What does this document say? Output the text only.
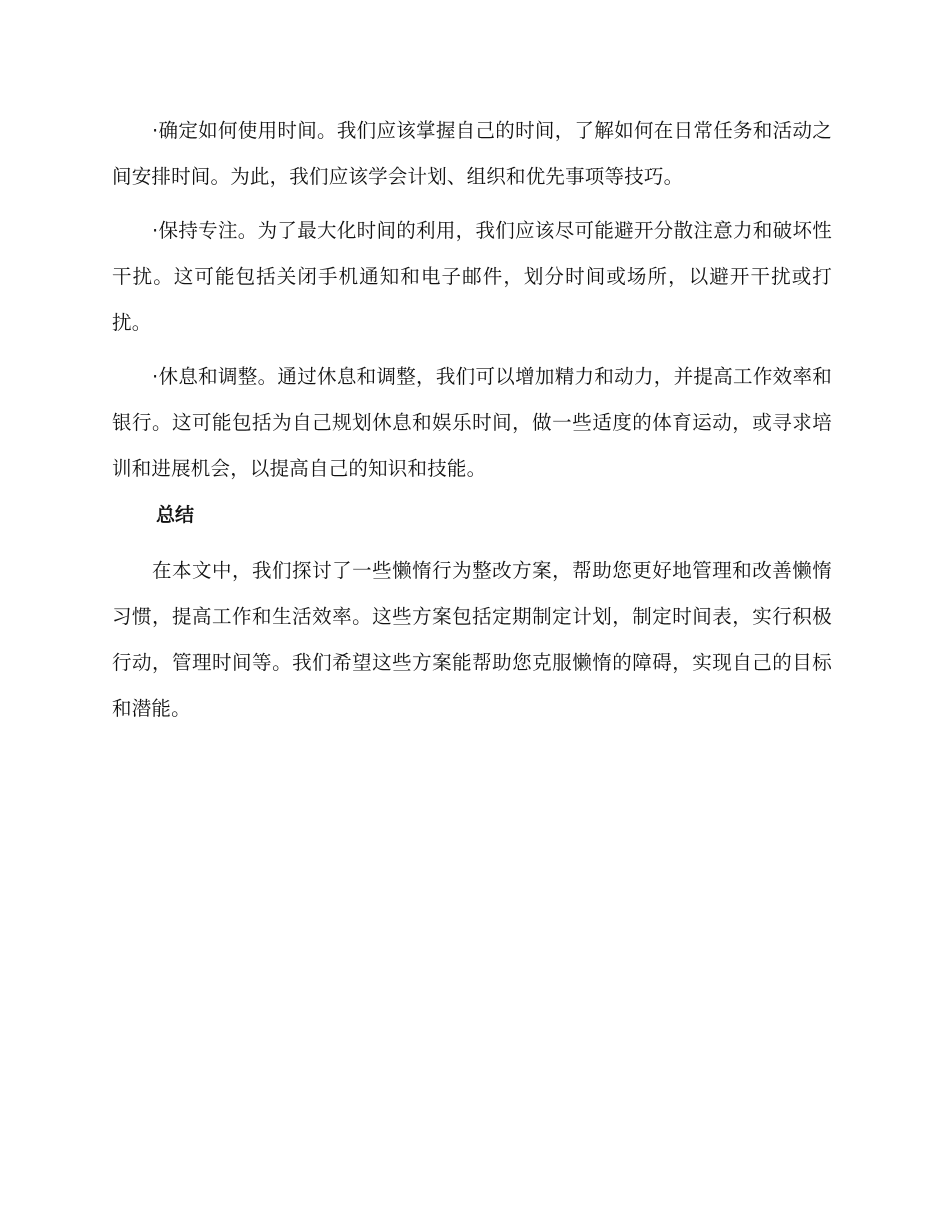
·确定如何使用时间。我们应该掌握自己的时间，了解如何在日常任务和活动之间安排时间。为此，我们应该学会计划、组织和优先事项等技巧。

·保持专注。为了最大化时间的利用，我们应该尽可能避开分散注意力和破坏性干扰。这可能包括关闭手机通知和电子邮件，划分时间或场所，以避开干扰或打扰。

·休息和调整。通过休息和调整，我们可以增加精力和动力，并提高工作效率和银行。这可能包括为自己规划休息和娱乐时间，做一些适度的体育运动，或寻求培训和进展机会，以提高自己的知识和技能。

总结

在本文中，我们探讨了一些懒惰行为整改方案，帮助您更好地管理和改善懒惰习惯，提高工作和生活效率。这些方案包括定期制定计划，制定时间表，实行积极行动，管理时间等。我们希望这些方案能帮助您克服懒惰的障碍，实现自己的目标和潜能。
